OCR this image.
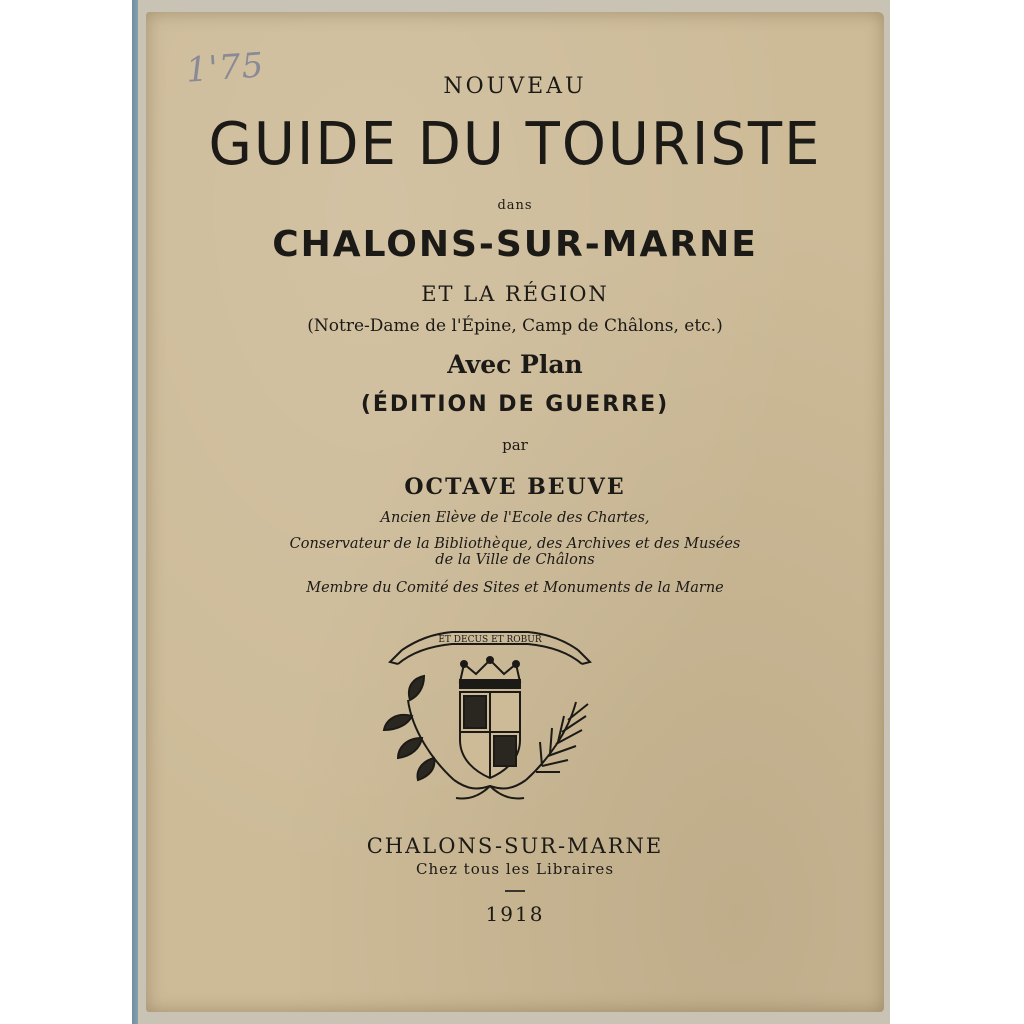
1'75	NOUVEAU
GUIDE DU TOURISTE
dans
CHALONS-SUR-MARNE
ET LA RÉGION
(Notre-Dame de l'Épine, Camp de Châlons, etc.)
Avec Plan
(ÉDITION DE GUERRE)
par
OCTAVE BEUVE
Ancien Elève de l'Ecole des Chartes,
Conservateur de la Bibliothèque, des Archives et des Musées
de la Ville de Châlons
Membre du Comité des Sites et Monuments de la Marne
ET DECUS ET ROBUR
CHALONS-SUR-MARNE
Chez tous les Libraires
1918
